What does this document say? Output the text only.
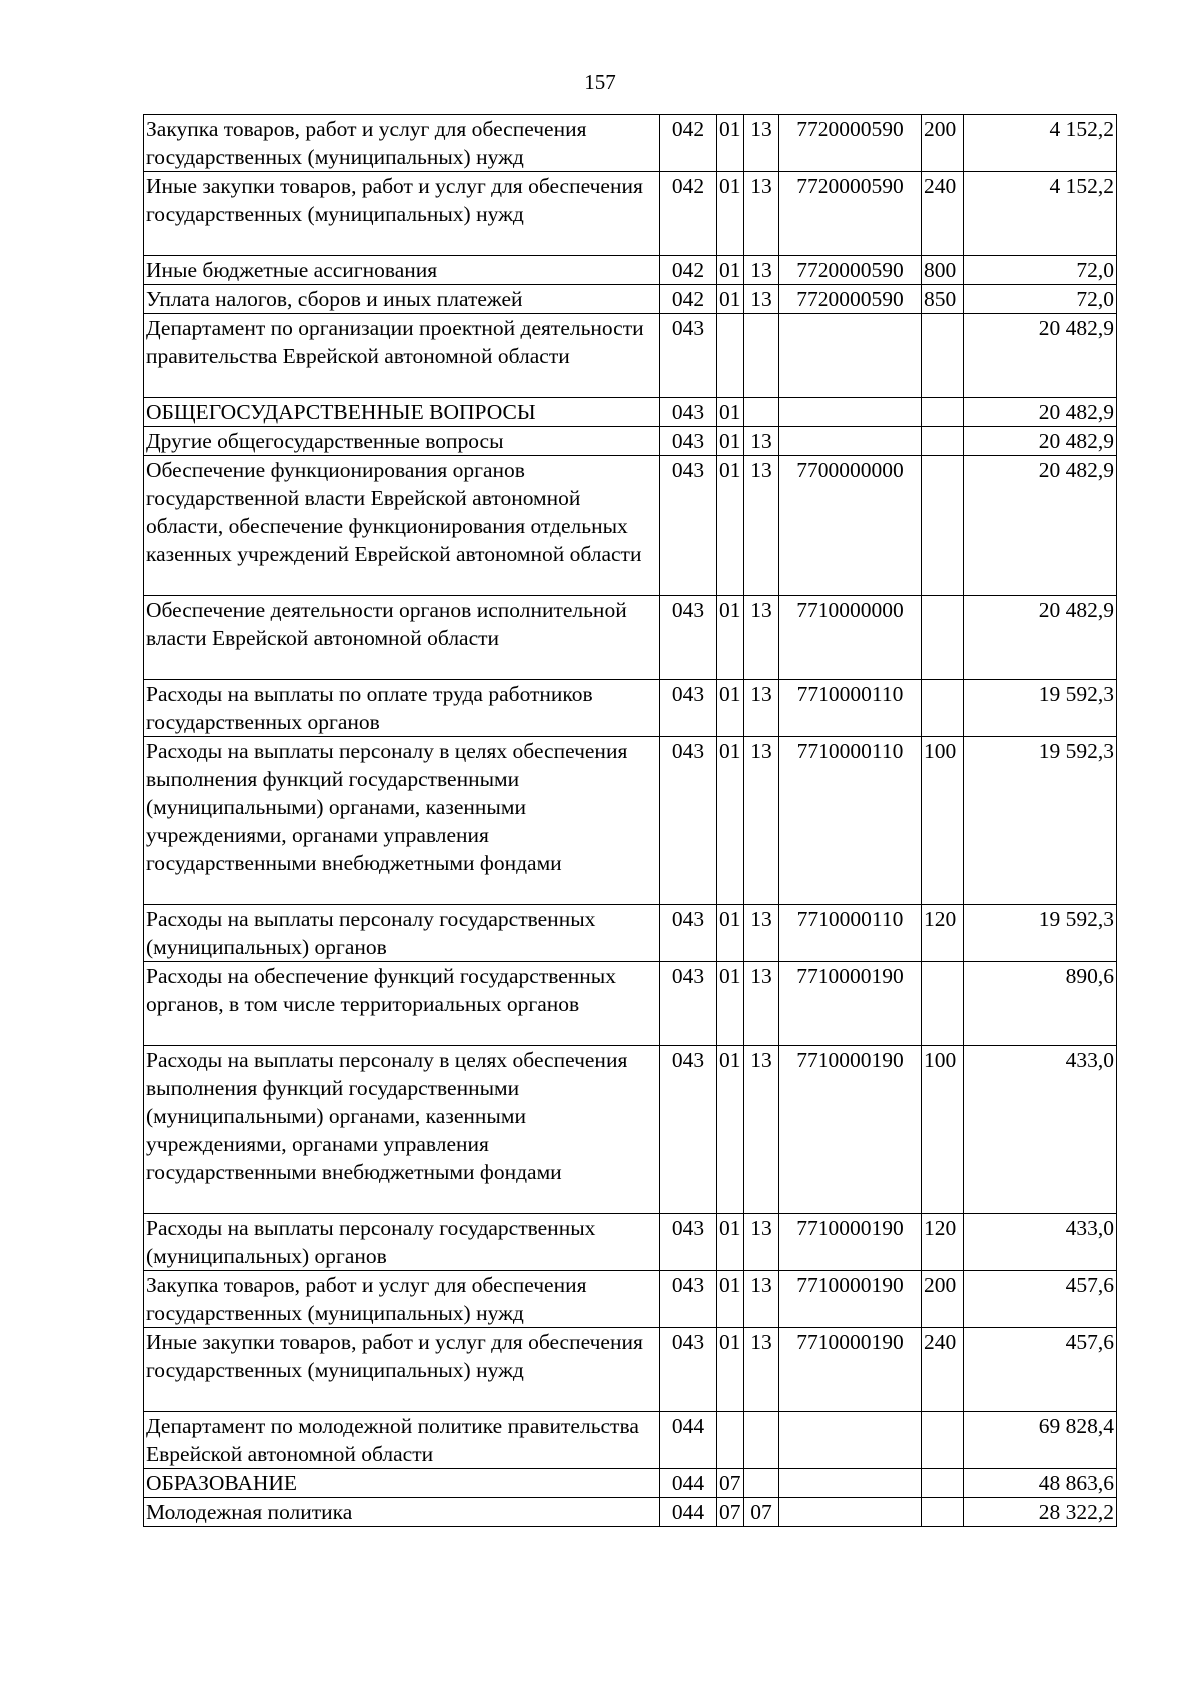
157
Закупка товаров, работ и услуг для обеспечения государственных (муниципальных) нужд	042	01	13	7720000590	200	4 152,2
Иные закупки товаров, работ и услуг для обеспечения государственных (муниципальных) нужд	042	01	13	7720000590	240	4 152,2
Иные бюджетные ассигнования	042	01	13	7720000590	800	72,0
Уплата налогов, сборов и иных платежей	042	01	13	7720000590	850	72,0
Департамент по организации проектной деятельности правительства Еврейской автономной области	043					20 482,9
ОБЩЕГОСУДАРСТВЕННЫЕ ВОПРОСЫ	043	01				20 482,9
Другие общегосударственные вопросы	043	01	13			20 482,9
Обеспечение функционирования органов государственной власти Еврейской автономной области, обеспечение функционирования отдельных казенных учреждений Еврейской автономной области	043	01	13	7700000000		20 482,9
Обеспечение деятельности органов исполнительной власти Еврейской автономной области	043	01	13	7710000000		20 482,9
Расходы на выплаты по оплате труда работников государственных органов	043	01	13	7710000110		19 592,3
Расходы на выплаты персоналу в целях обеспечения выполнения функций государственными (муниципальными) органами, казенными учреждениями, органами управления государственными внебюджетными фондами	043	01	13	7710000110	100	19 592,3
Расходы на выплаты персоналу государственных (муниципальных) органов	043	01	13	7710000110	120	19 592,3
Расходы на обеспечение функций государственных органов, в том числе территориальных органов	043	01	13	7710000190		890,6
Расходы на выплаты персоналу в целях обеспечения выполнения функций государственными (муниципальными) органами, казенными учреждениями, органами управления государственными внебюджетными фондами	043	01	13	7710000190	100	433,0
Расходы на выплаты персоналу государственных (муниципальных) органов	043	01	13	7710000190	120	433,0
Закупка товаров, работ и услуг для обеспечения государственных (муниципальных) нужд	043	01	13	7710000190	200	457,6
Иные закупки товаров, работ и услуг для обеспечения государственных (муниципальных) нужд	043	01	13	7710000190	240	457,6
Департамент по молодежной политике правительства Еврейской автономной области	044					69 828,4
ОБРАЗОВАНИЕ	044	07				48 863,6
Молодежная политика	044	07	07			28 322,2
